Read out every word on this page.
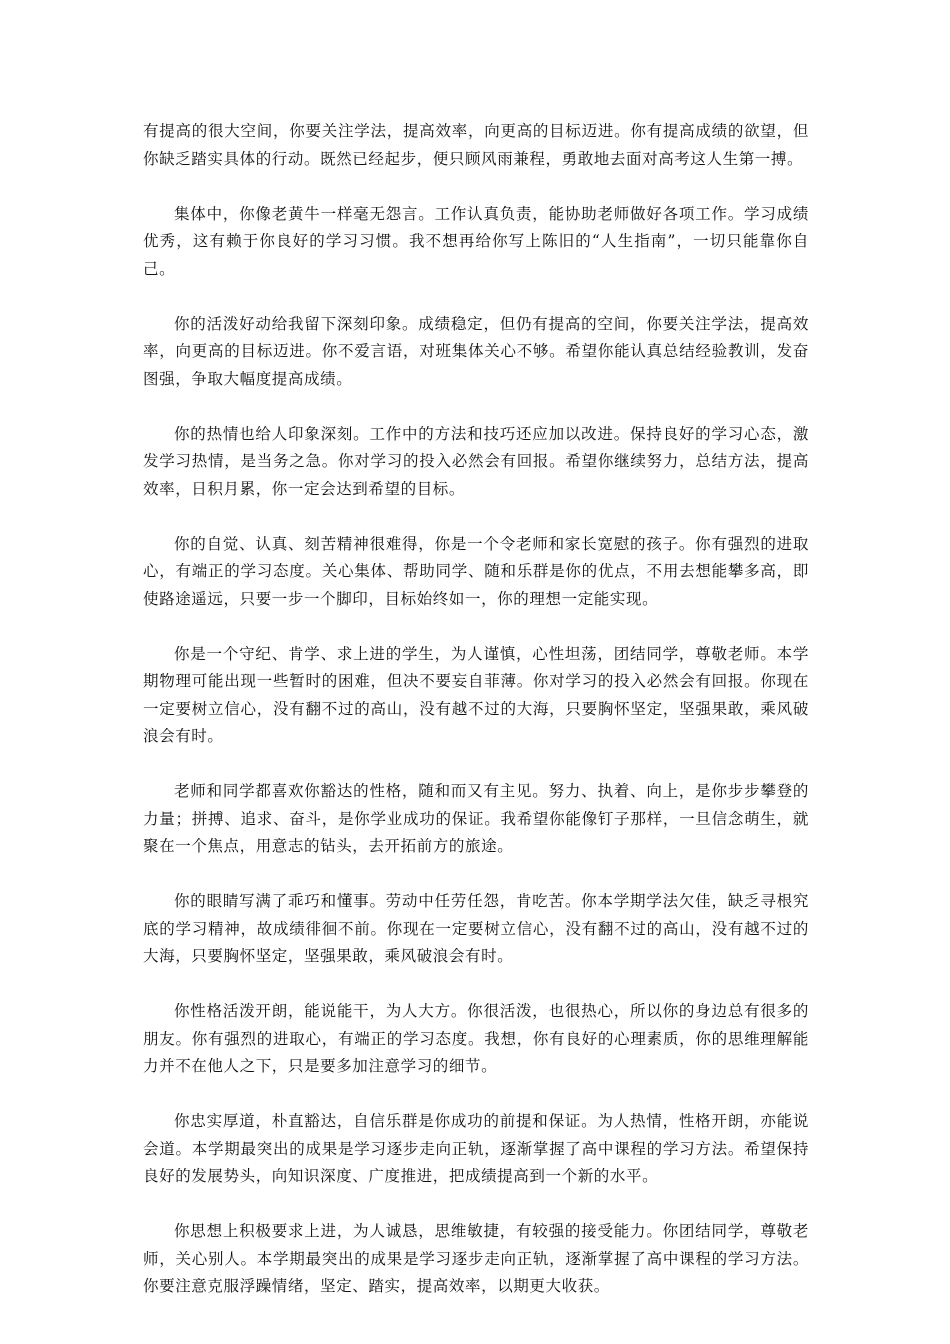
有提高的很大空间，你要关注学法，提高效率，向更高的目标迈进。你有提高成绩的欲望，但你缺乏踏实具体的行动。既然已经起步，便只顾风雨兼程，勇敢地去面对高考这人生第一搏。

集体中，你像老黄牛一样毫无怨言。工作认真负责，能协助老师做好各项工作。学习成绩优秀，这有赖于你良好的学习习惯。我不想再给你写上陈旧的“人生指南”，一切只能靠你自己。

你的活泼好动给我留下深刻印象。成绩稳定，但仍有提高的空间，你要关注学法，提高效率，向更高的目标迈进。你不爱言语，对班集体关心不够。希望你能认真总结经验教训，发奋图强，争取大幅度提高成绩。

你的热情也给人印象深刻。工作中的方法和技巧还应加以改进。保持良好的学习心态，激发学习热情，是当务之急。你对学习的投入必然会有回报。希望你继续努力，总结方法，提高效率，日积月累，你一定会达到希望的目标。

你的自觉、认真、刻苦精神很难得，你是一个令老师和家长宽慰的孩子。你有强烈的进取心，有端正的学习态度。关心集体、帮助同学、随和乐群是你的优点，不用去想能攀多高，即使路途遥远，只要一步一个脚印，目标始终如一，你的理想一定能实现。

你是一个守纪、肯学、求上进的学生，为人谨慎，心性坦荡，团结同学，尊敬老师。本学期物理可能出现一些暂时的困难，但决不要妄自菲薄。你对学习的投入必然会有回报。你现在一定要树立信心，没有翻不过的高山，没有越不过的大海，只要胸怀坚定，坚强果敢，乘风破浪会有时。

老师和同学都喜欢你豁达的性格，随和而又有主见。努力、执着、向上，是你步步攀登的力量；拼搏、追求、奋斗，是你学业成功的保证。我希望你能像钉子那样，一旦信念萌生，就聚在一个焦点，用意志的钻头，去开拓前方的旅途。

你的眼睛写满了乖巧和懂事。劳动中任劳任怨，肯吃苦。你本学期学法欠佳，缺乏寻根究底的学习精神，故成绩徘徊不前。你现在一定要树立信心，没有翻不过的高山，没有越不过的大海，只要胸怀坚定，坚强果敢，乘风破浪会有时。

你性格活泼开朗，能说能干，为人大方。你很活泼，也很热心，所以你的身边总有很多的朋友。你有强烈的进取心，有端正的学习态度。我想，你有良好的心理素质，你的思维理解能力并不在他人之下，只是要多加注意学习的细节。

你忠实厚道，朴直豁达，自信乐群是你成功的前提和保证。为人热情，性格开朗，亦能说会道。本学期最突出的成果是学习逐步走向正轨，逐渐掌握了高中课程的学习方法。希望保持良好的发展势头，向知识深度、广度推进，把成绩提高到一个新的水平。

你思想上积极要求上进，为人诚恳，思维敏捷，有较强的接受能力。你团结同学，尊敬老师，关心别人。本学期最突出的成果是学习逐步走向正轨，逐渐掌握了高中课程的学习方法。你要注意克服浮躁情绪，坚定、踏实，提高效率，以期更大收获。
